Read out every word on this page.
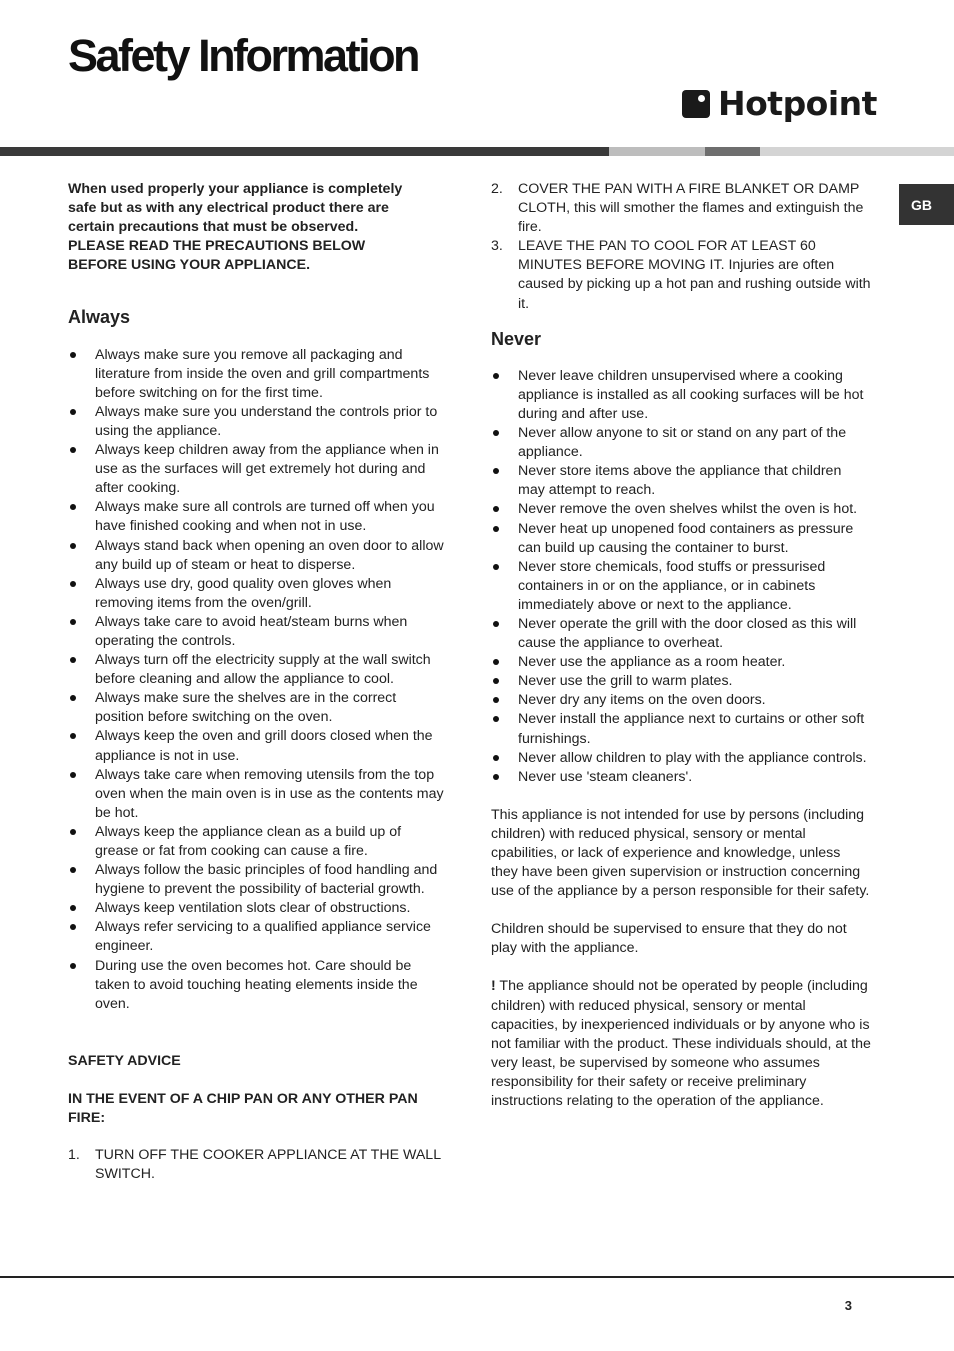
Safety Information
Hotpoint
GB

When used properly your appliance is completely

safe but as with any electrical product there are

certain precautions that must be observed.

PLEASE READ THE PRECAUTIONS BELOW

BEFORE USING YOUR APPLIANCE.

Always
Always make sure you remove all packaging and literature from inside the oven and grill compartments before switching on for the first time.
Always make sure you understand the controls prior to using the appliance.
Always keep children away from the appliance when in use as the surfaces will get extremely hot during and after cooking.
Always make sure all controls are turned off when you have finished cooking and when not in use.
Always stand back when opening an oven door to allow any build up of steam or heat to disperse.
Always use dry, good quality oven gloves when removing items from the oven/grill.
Always take care to avoid heat/steam burns when operating the controls.
Always turn off the electricity supply at the wall switch before cleaning and allow the appliance to cool.
Always make sure the shelves are in the correct position before switching on the oven.
Always keep the oven and grill doors closed when the appliance is not in use.
Always take care when removing utensils from the top oven when the main oven is in use as the contents may be hot.
Always keep the appliance clean as a build up of grease or fat from cooking can cause a fire.
Always follow the basic principles of food handling and hygiene to prevent the possibility of bacterial growth.
Always keep ventilation slots clear of obstructions.
Always refer servicing to a qualified appliance service engineer.
During use the oven becomes hot. Care should be taken to avoid touching heating elements inside the oven.

SAFETY ADVICE

IN THE EVENT OF A CHIP PAN OR ANY OTHER PAN FIRE:

1. TURN OFF THE COOKER APPLIANCE AT THE WALL SWITCH.
2. COVER THE PAN WITH A FIRE BLANKET OR DAMP CLOTH, this will smother the flames and extinguish the fire.
3. LEAVE THE PAN TO COOL FOR AT LEAST 60 MINUTES BEFORE MOVING IT. Injuries are often caused by picking up a hot pan and rushing outside with it.
Never
Never leave children unsupervised where a cooking appliance is installed as all cooking surfaces will be hot during and after use.
Never allow anyone to sit or stand on any part of the appliance.
Never store items above the appliance that children may attempt to reach.
Never remove the oven shelves whilst the oven is hot.
Never heat up unopened food containers as pressure can build up causing the container to burst.
Never store chemicals, food stuffs or pressurised containers in or on the appliance, or in cabinets immediately above or next to the appliance.
Never operate the grill with the door closed as this will cause the appliance to overheat.
Never use the appliance as a room heater.
Never use the grill to warm plates.
Never dry any items on the oven doors.
Never install the appliance next to curtains or other soft furnishings.
Never allow children to play with the appliance controls.
Never use 'steam cleaners'.

This appliance is not intended for use by persons (including children) with reduced physical, sensory or mental cpabilities, or lack of experience and knowledge, unless they have been given supervision or instruction concerning use of the appliance by a person responsible for their safety.

Children should be supervised to ensure that they do not play with the appliance.

! The appliance should not be operated by people (including children) with reduced physical, sensory or mental capacities, by inexperienced individuals or by anyone who is not familiar with the product. These individuals should, at the very least, be supervised by someone who assumes responsibility for their safety or receive preliminary instructions relating to the operation of the appliance.

3
